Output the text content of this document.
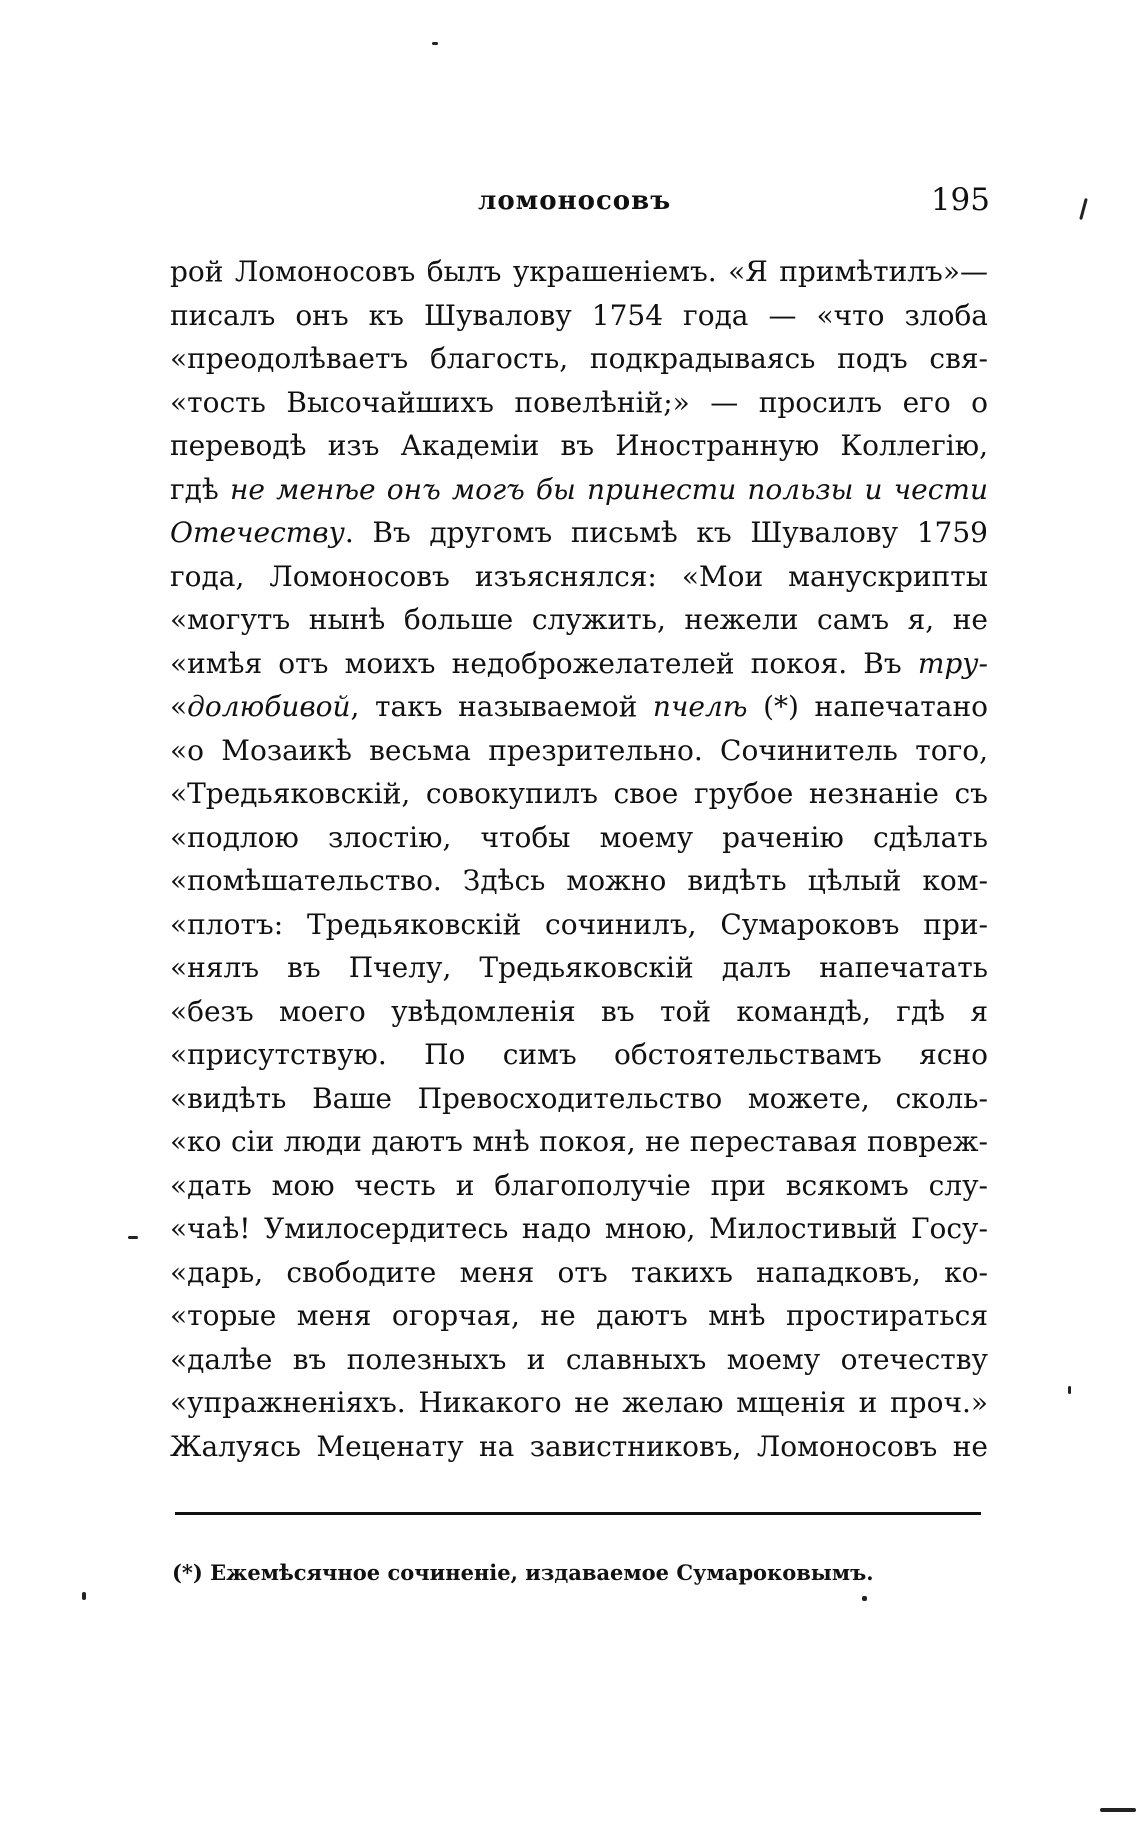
ломоносовъ	195
рой Ломоносовъ былъ украшеніемъ. «Я примѣтилъ»—
писалъ онъ къ Шувалову 1754 года — «что злоба
«преодолѣваетъ благость, подкрадываясь подъ свя-
«тость Высочайшихъ повелѣній;» — просилъ его о
переводѣ изъ Академіи въ Иностранную Коллегію,
гдѣ не менѣе онъ могъ бы принести пользы и чести
Отечеству. Въ другомъ письмѣ къ Шувалову 1759
года, Ломоносовъ изъяснялся: «Мои манускрипты
«могутъ нынѣ больше служить, нежели самъ я, не
«имѣя отъ моихъ недоброжелателей покоя. Въ тру-
«долюбивой, такъ называемой пчелѣ (*) напечатано
«о Мозаикѣ весьма презрительно. Сочинитель того,
«Тредьяковскій, совокупилъ свое грубое незнаніе съ
«подлою злостію, чтобы моему раченію сдѣлать
«помѣшательство. Здѣсь можно видѣть цѣлый ком-
«плотъ: Тредьяковскій сочинилъ, Сумароковъ при-
«нялъ въ Пчелу, Тредьяковскій далъ напечатать
«безъ моего увѣдомленія въ той командѣ, гдѣ я
«присутствую. По симъ обстоятельствамъ ясно
«видѣть Ваше Превосходительство можете, сколь-
«ко сіи люди даютъ мнѣ покоя, не переставая повреж-
«дать мою честь и благополучіе при всякомъ слу-
«чаѣ! Умилосердитесь надо мною, Милостивый Госу-
«дарь, свободите меня отъ такихъ нападковъ, ко-
«торые меня огорчая, не даютъ мнѣ простираться
«далѣе въ полезныхъ и славныхъ моему отечеству
«упражненіяхъ. Никакого не желаю мщенія и проч.»
Жалуясь Меценату на завистниковъ, Ломоносовъ не
(*) Ежемѣсячное сочиненіе, издаваемое Сумароковымъ.
